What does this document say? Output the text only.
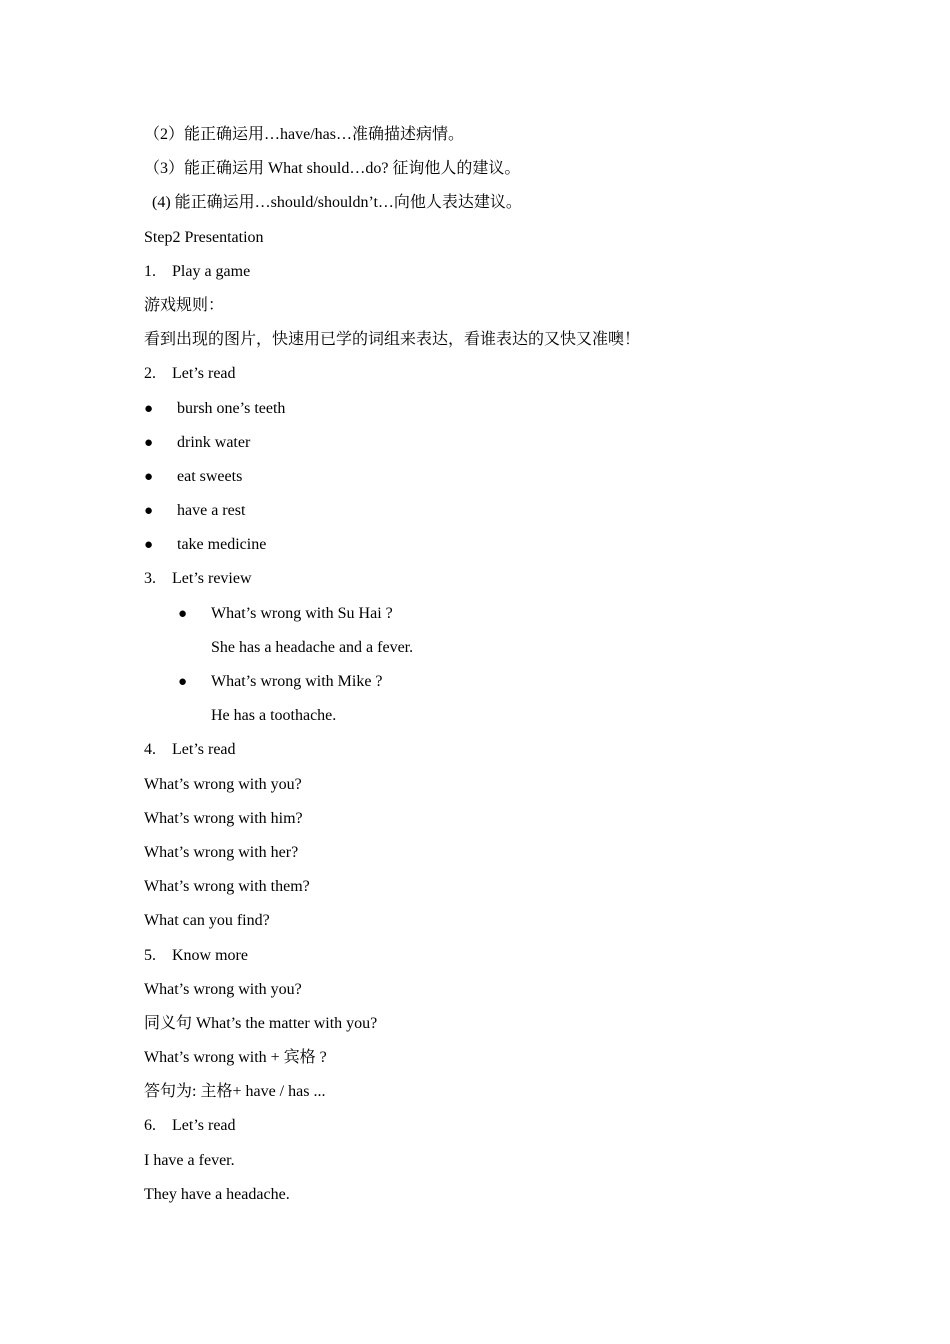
（2）能正确运用…have/has…准确描述病情。
（3）能正确运用 What should…do? 征询他人的建议。
(4) 能正确运用…should/shouldn’t…向他人表达建议。
Step2 Presentation
1. Play a game
游戏规则：
看到出现的图片，快速用已学的词组来表达，看谁表达的又快又准噢！
2. Let’s read
●	bursh one’s teeth
●	drink water
●	eat sweets
●	have a rest
●	take medicine
3. Let’s review
●	What’s wrong with Su Hai ?
She has a headache and a fever.
●	What’s wrong with Mike ?
He has a toothache.
4. Let’s read
What’s wrong with you?
What’s wrong with him?
What’s wrong with her?
What’s wrong with them?
What can you find?
5. Know more
What’s wrong with you?
同义句 What’s the matter with you?
What’s wrong with + 宾格 ?
答句为: 主格+ have / has ...
6. Let’s read
I have a fever.
They have a headache.
